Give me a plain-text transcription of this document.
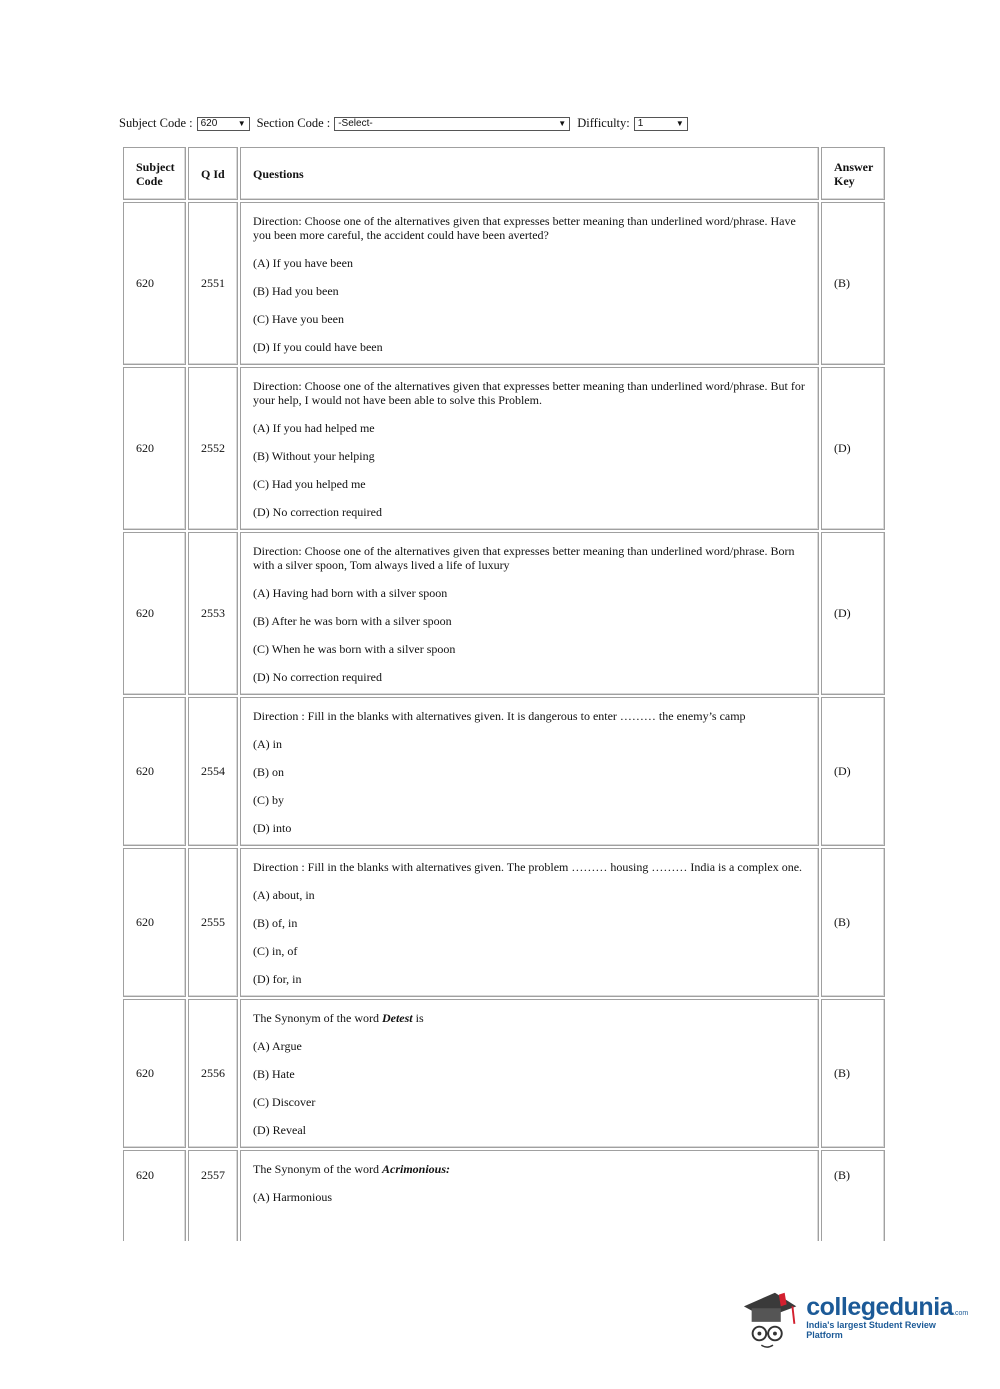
Subject Code : 620	▼ Section Code : -Select-	▼ Difficulty: 1	▼
Subject Code	Q Id	Questions	Answer Key
620	2551	Direction: Choose one of the alternatives given that expresses better meaning than underlined word/phrase. Have you been more careful, the accident could have been averted?
(A) If you have been
(B) Had you been
(C) Have you been
(D) If you could have been	(B)
620	2552	Direction: Choose one of the alternatives given that expresses better meaning than underlined word/phrase. But for your help, I would not have been able to solve this Problem.
(A) If you had helped me
(B) Without your helping
(C) Had you helped me
(D) No correction required	(D)
620	2553	Direction: Choose one of the alternatives given that expresses better meaning than underlined word/phrase. Born with a silver spoon, Tom always lived a life of luxury
(A) Having had born with a silver spoon
(B) After he was born with a silver spoon
(C) When he was born with a silver spoon
(D) No correction required	(D)
620	2554	Direction : Fill in the blanks with alternatives given. It is dangerous to enter ……… the enemy’s camp
(A) in
(B) on
(C) by
(D) into	(D)
620	2555	Direction : Fill in the blanks with alternatives given. The problem ……… housing ……… India is a complex one.
(A) about, in
(B) of, in
(C) in, of
(D) for, in	(B)
620	2556	The Synonym of the word Detest is
(A) Argue
(B) Hate
(C) Discover
(D) Reveal	(B)
620	2557	The Synonym of the word Acrimonious:
(A) Harmonious	(B)
collegedunia.com
India's largest Student Review Platform
